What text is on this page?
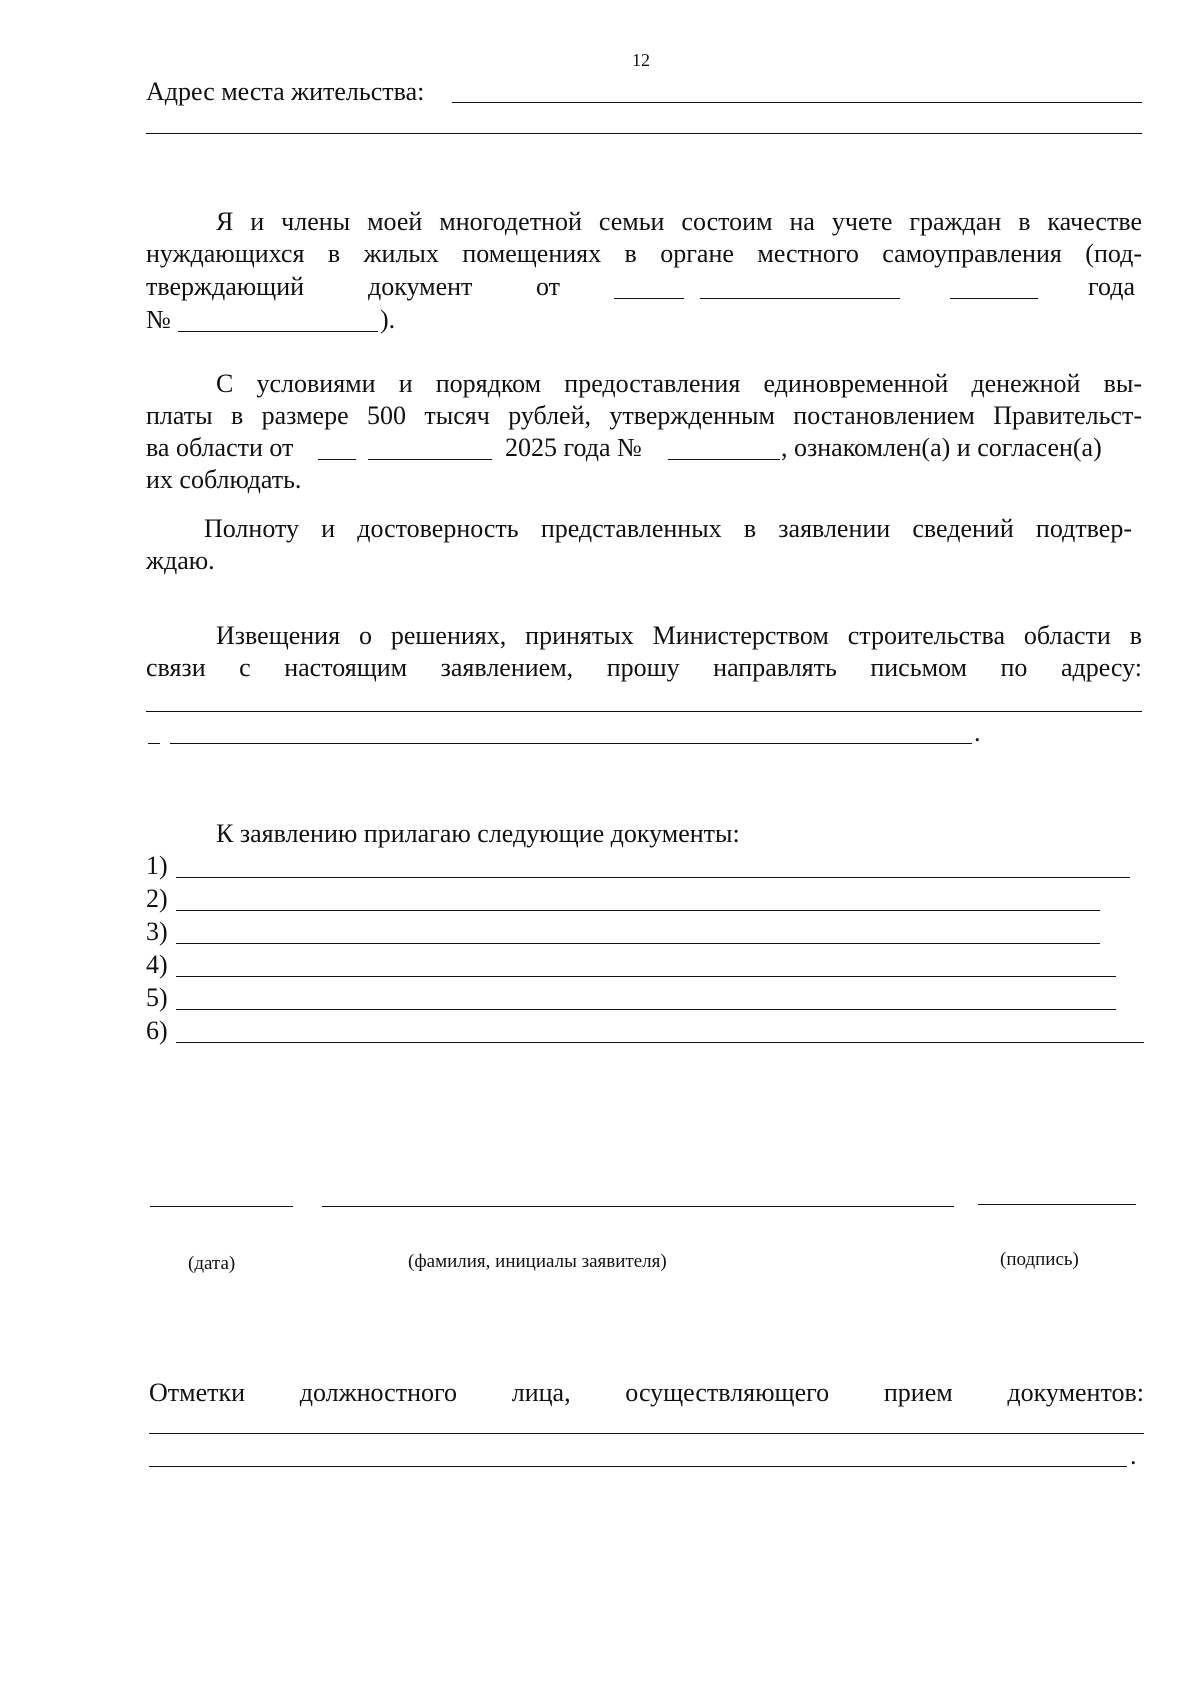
12
Адрес места жительства:
Я и члены моей многодетной семьи состоим на учете граждан в качестве
нуждающихся в жилых помещениях в органе местного самоуправления (под-
тверждающий документ от	года
№	).
С условиями и порядком предоставления единовременной денежной вы-
платы в размере 500 тысяч рублей, утвержденным постановлением Правительст-
ва области от	2025 года №	, ознакомлен(а) и согласен(а)
их соблюдать.
Полноту и достоверность представленных в заявлении сведений подтвер-
ждаю.
Извещения о решениях, принятых Министерством строительства области в
связи с настоящим заявлением, прошу направлять письмом по адресу:
.
К заявлению прилагаю следующие документы:
1)
2)
3)
4)
5)
6)
(дата)	(фамилия, инициалы заявителя)	(подпись)
Отметки должностного лица, осуществляющего прием документов:
.
